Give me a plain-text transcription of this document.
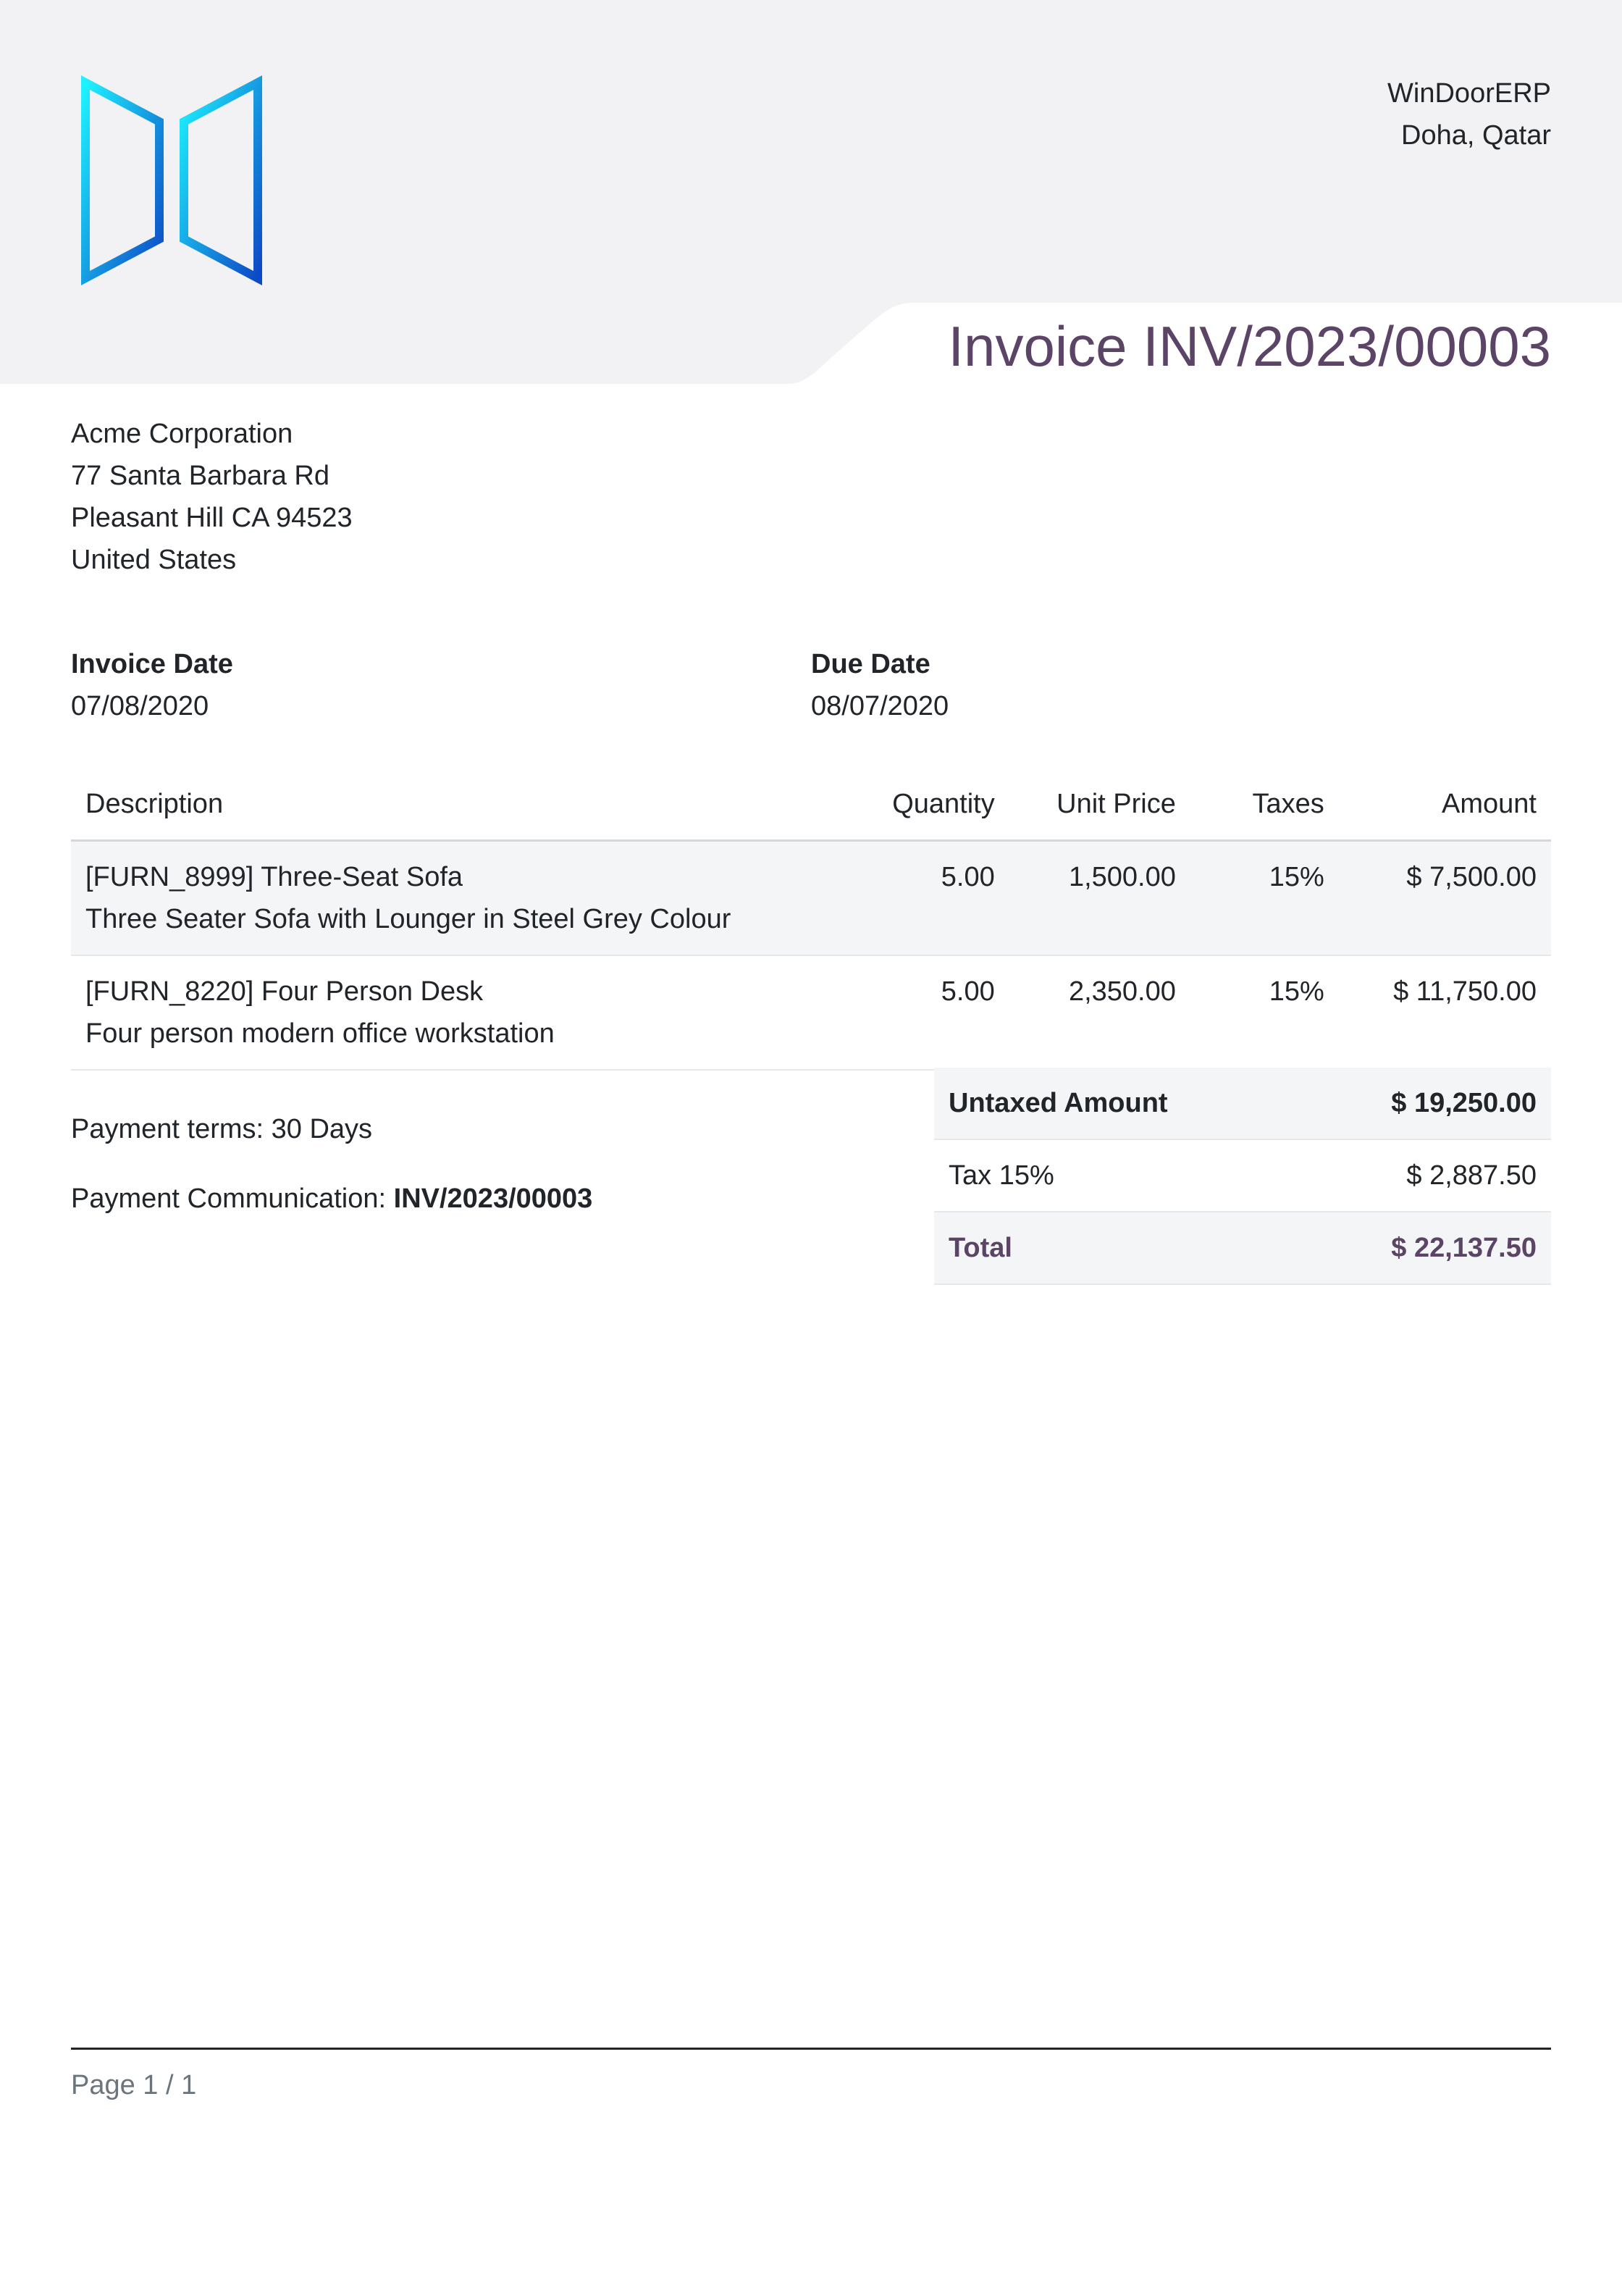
WinDoorERP
Doha, Qatar
Invoice INV/2023/00003
Acme Corporation
77 Santa Barbara Rd
Pleasant Hill CA 94523
United States
Invoice Date
07/08/2020
Due Date
08/07/2020
Description	Quantity	Unit Price	Taxes	Amount

[FURN_8999] Three-Seat Sofa
Three Seater Sofa with Lounger in Steel Grey Colour	5.00	1,500.00	15%	$ 7,500.00

[FURN_8220] Four Person Desk
Four person modern office workstation	5.00	2,350.00	15%	$ 11,750.00
Payment terms: 30 Days
Payment Communication: INV/2023/00003
Untaxed Amount	$ 19,250.00
Tax 15%	$ 2,887.50
Total	$ 22,137.50
Page 1 / 1
